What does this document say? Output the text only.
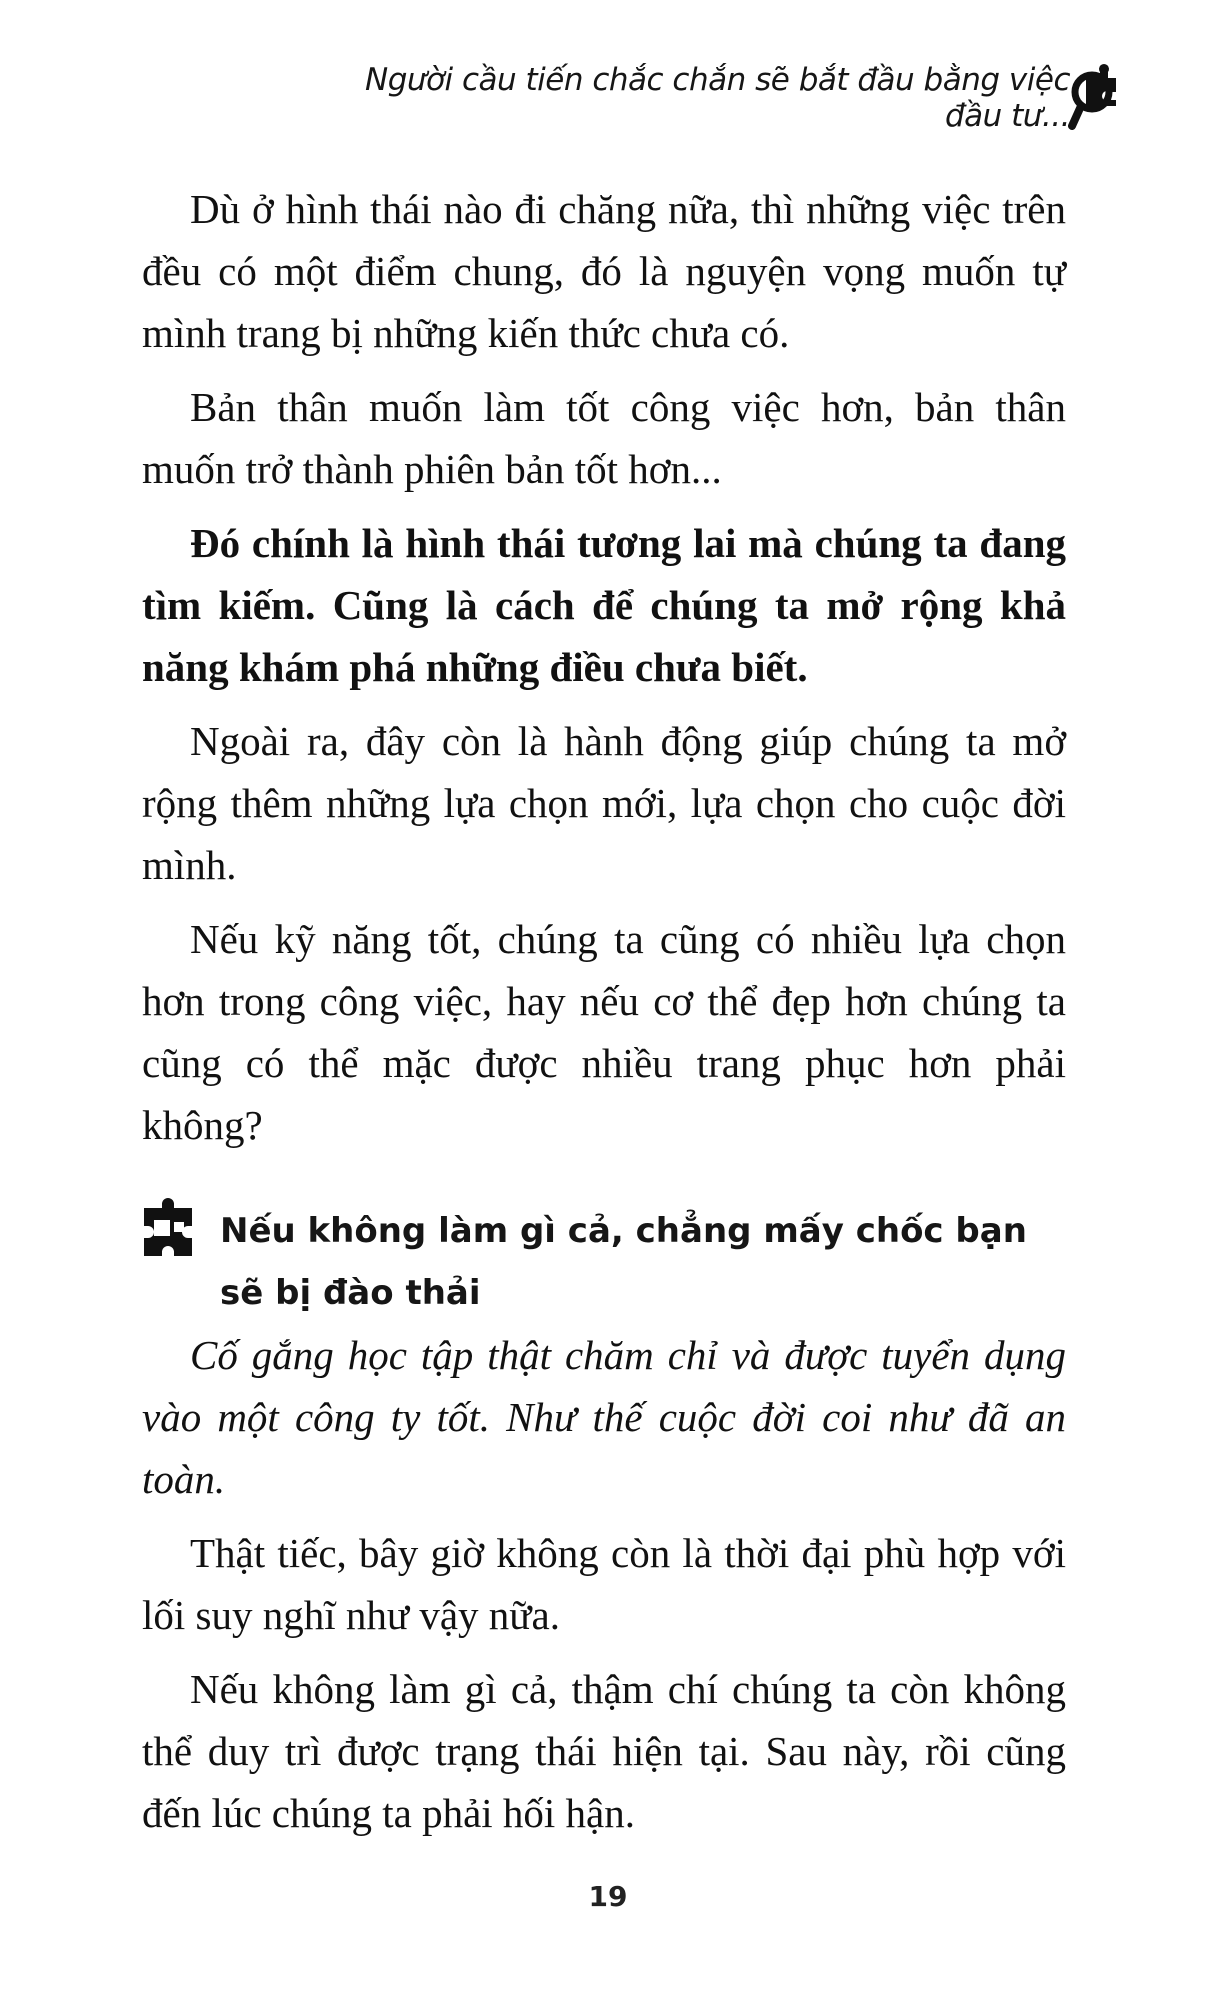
Người cầu tiến chắc chắn sẽ bắt đầu bằng việc đầu tư...

Dù ở hình thái nào đi chăng nữa, thì những việc trên đều có một điểm chung, đó là nguyện vọng muốn tự mình trang bị những kiến thức chưa có.

Bản thân muốn làm tốt công việc hơn, bản thân muốn trở thành phiên bản tốt hơn...

Đó chính là hình thái tương lai mà chúng ta đang tìm kiếm. Cũng là cách để chúng ta mở rộng khả năng khám phá những điều chưa biết.

Ngoài ra, đây còn là hành động giúp chúng ta mở rộng thêm những lựa chọn mới, lựa chọn cho cuộc đời mình.

Nếu kỹ năng tốt, chúng ta cũng có nhiều lựa chọn hơn trong công việc, hay nếu cơ thể đẹp hơn chúng ta cũng có thể mặc được nhiều trang phục hơn phải không?

Nếu không làm gì cả, chẳng mấy chốc bạn sẽ bị đào thải

Cố gắng học tập thật chăm chỉ và được tuyển dụng vào một công ty tốt. Như thế cuộc đời coi như đã an toàn.

Thật tiếc, bây giờ không còn là thời đại phù hợp với lối suy nghĩ như vậy nữa.

Nếu không làm gì cả, thậm chí chúng ta còn không thể duy trì được trạng thái hiện tại. Sau này, rồi cũng đến lúc chúng ta phải hối hận.

19
